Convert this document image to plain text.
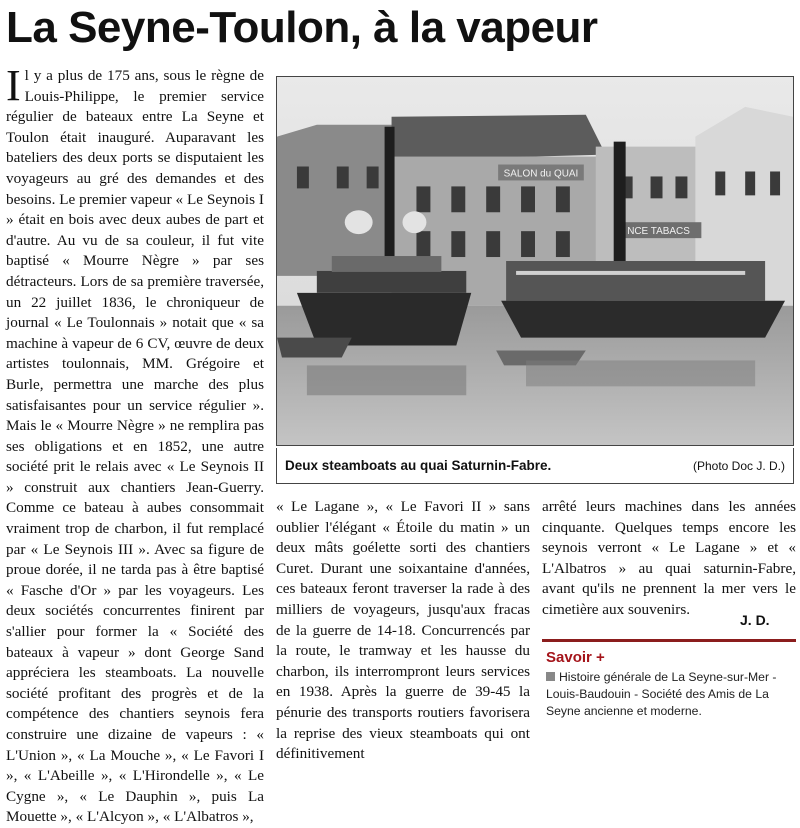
La Seyne-Toulon, à la vapeur

Il y a plus de 175 ans, sous le règne de Louis-Philippe, le premier service régulier de bateaux entre La Seyne et Toulon était inauguré. Auparavant les bateliers des deux ports se disputaient les voyageurs au gré des demandes et des besoins. Le premier vapeur « Le Seynois I » était en bois avec deux aubes de part et d'autre. Au vu de sa couleur, il fut vite baptisé « Mourre Nègre » par ses détracteurs. Lors de sa première traversée, un 22 juillet 1836, le chroniqueur de journal « Le Toulonnais » notait que « sa machine à vapeur de 6 CV, œuvre de deux artistes toulonnais, MM. Grégoire et Burle, permettra une marche des plus satisfaisantes pour un service régulier ». Mais le « Mourre Nègre » ne remplira pas ses obligations et en 1852, une autre société prit le relais avec « Le Seynois II » construit aux chantiers Jean-Guerry. Comme ce bateau à aubes consommait vraiment trop de charbon, il fut remplacé par « Le Seynois III ». Avec sa figure de proue dorée, il ne tarda pas à être baptisé « Fasche d'Or » par les voyageurs. Les deux sociétés concurrentes finirent par s'allier pour former la « Société des bateaux à vapeur » dont George Sand appréciera les steamboats. La nouvelle société profitant des progrès et de la compétence des chantiers seynois fera construire une dizaine de vapeurs : « L'Union », « La Mouche », « Le Favori I », « L'Abeille », « L'Hirondelle », « Le Cygne », « Le Dauphin », puis La Mouette », « L'Alcyon », « L'Albatros »,

SALON du QUAI
NCE TABACS
Deux steamboats au quai Saturnin-Fabre.	(Photo Doc J. D.)

« Le Lagane », « Le Favori II » sans oublier l'élégant « Étoile du matin » un deux mâts goélette sorti des chantiers Curet. Durant une soixantaine d'années, ces bateaux feront traverser la rade à des milliers de voyageurs, jusqu'aux fracas de la guerre de 14-18. Concurrencés par la route, le tramway et les hausse du charbon, ils interrompront leurs services en 1938. Après la guerre de 39-45 la pénurie des transports routiers favorisera la reprise des vieux steamboats qui ont définitivement

arrêté leurs machines dans les années cinquante. Quelques temps encore les seynois verront « Le Lagane » et « L'Albatros » au quai saturnin-Fabre, avant qu'ils ne prennent la mer vers le cimetière aux souvenirs.

J. D.
Savoir +
Histoire générale de La Seyne-sur-Mer - Louis-Baudouin - Société des Amis de La Seyne ancienne et moderne.
